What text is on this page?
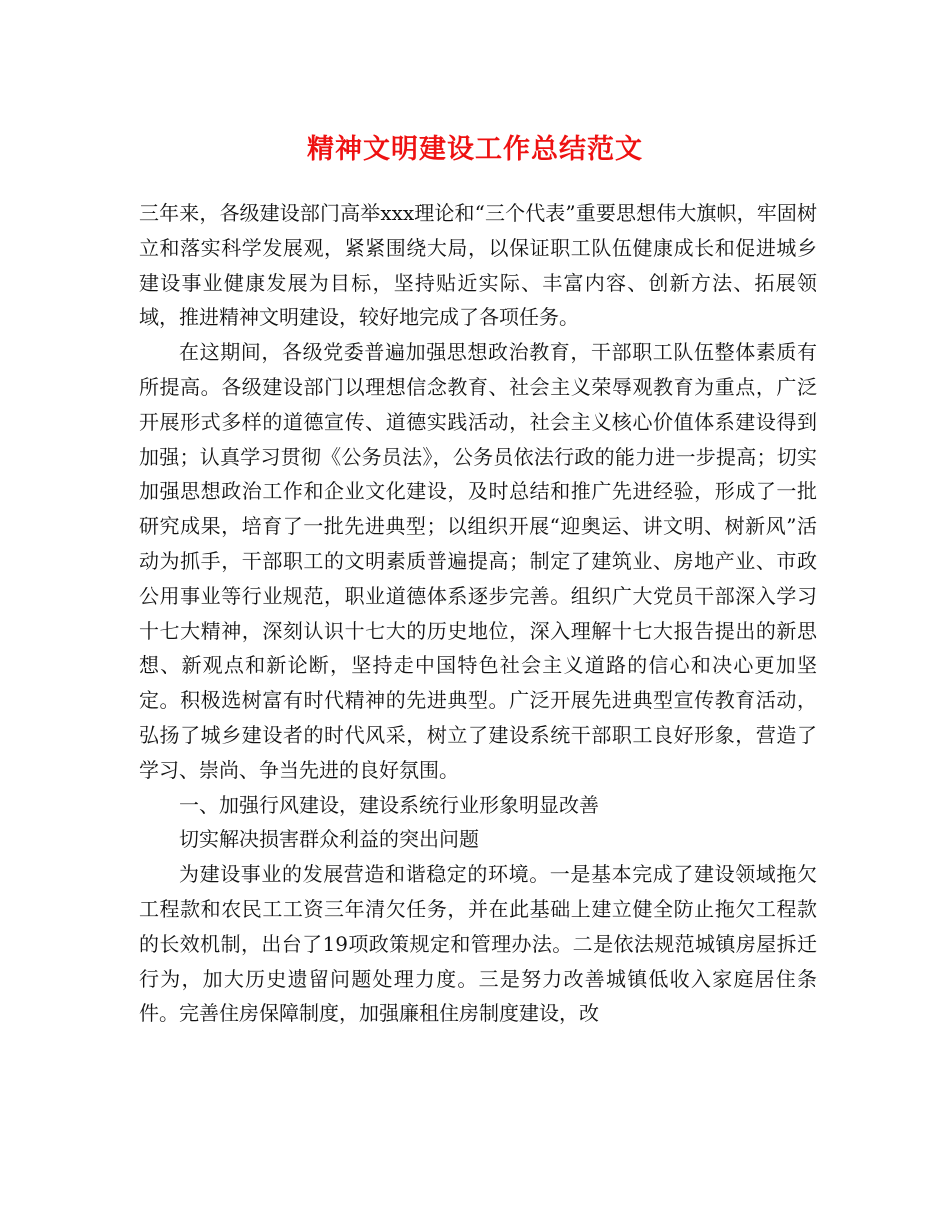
精神文明建设工作总结范文

三年来，各级建设部门高举xxx理论和“三个代表”重要思想伟大旗帜，牢固树立和落实科学发展观，紧紧围绕大局，以保证职工队伍健康成长和促进城乡建设事业健康发展为目标，坚持贴近实际、丰富内容、创新方法、拓展领域，推进精神文明建设，较好地完成了各项任务。

在这期间，各级党委普遍加强思想政治教育，干部职工队伍整体素质有所提高。各级建设部门以理想信念教育、社会主义荣辱观教育为重点，广泛开展形式多样的道德宣传、道德实践活动，社会主义核心价值体系建设得到加强；认真学习贯彻《公务员法》，公务员依法行政的能力进一步提高；切实加强思想政治工作和企业文化建设，及时总结和推广先进经验，形成了一批研究成果，培育了一批先进典型；以组织开展“迎奥运、讲文明、树新风”活动为抓手，干部职工的文明素质普遍提高；制定了建筑业、房地产业、市政公用事业等行业规范，职业道德体系逐步完善。组织广大党员干部深入学习十七大精神，深刻认识十七大的历史地位，深入理解十七大报告提出的新思想、新观点和新论断，坚持走中国特色社会主义道路的信心和决心更加坚定。积极选树富有时代精神的先进典型。广泛开展先进典型宣传教育活动，弘扬了城乡建设者的时代风采，树立了建设系统干部职工良好形象，营造了学习、崇尚、争当先进的良好氛围。

一、加强行风建设，建设系统行业形象明显改善

切实解决损害群众利益的突出问题

为建设事业的发展营造和谐稳定的环境。一是基本完成了建设领域拖欠工程款和农民工工资三年清欠任务，并在此基础上建立健全防止拖欠工程款的长效机制，出台了19项政策规定和管理办法。二是依法规范城镇房屋拆迁行为，加大历史遗留问题处理力度。三是努力改善城镇低收入家庭居住条件。完善住房保障制度，加强廉租住房制度建设，改
